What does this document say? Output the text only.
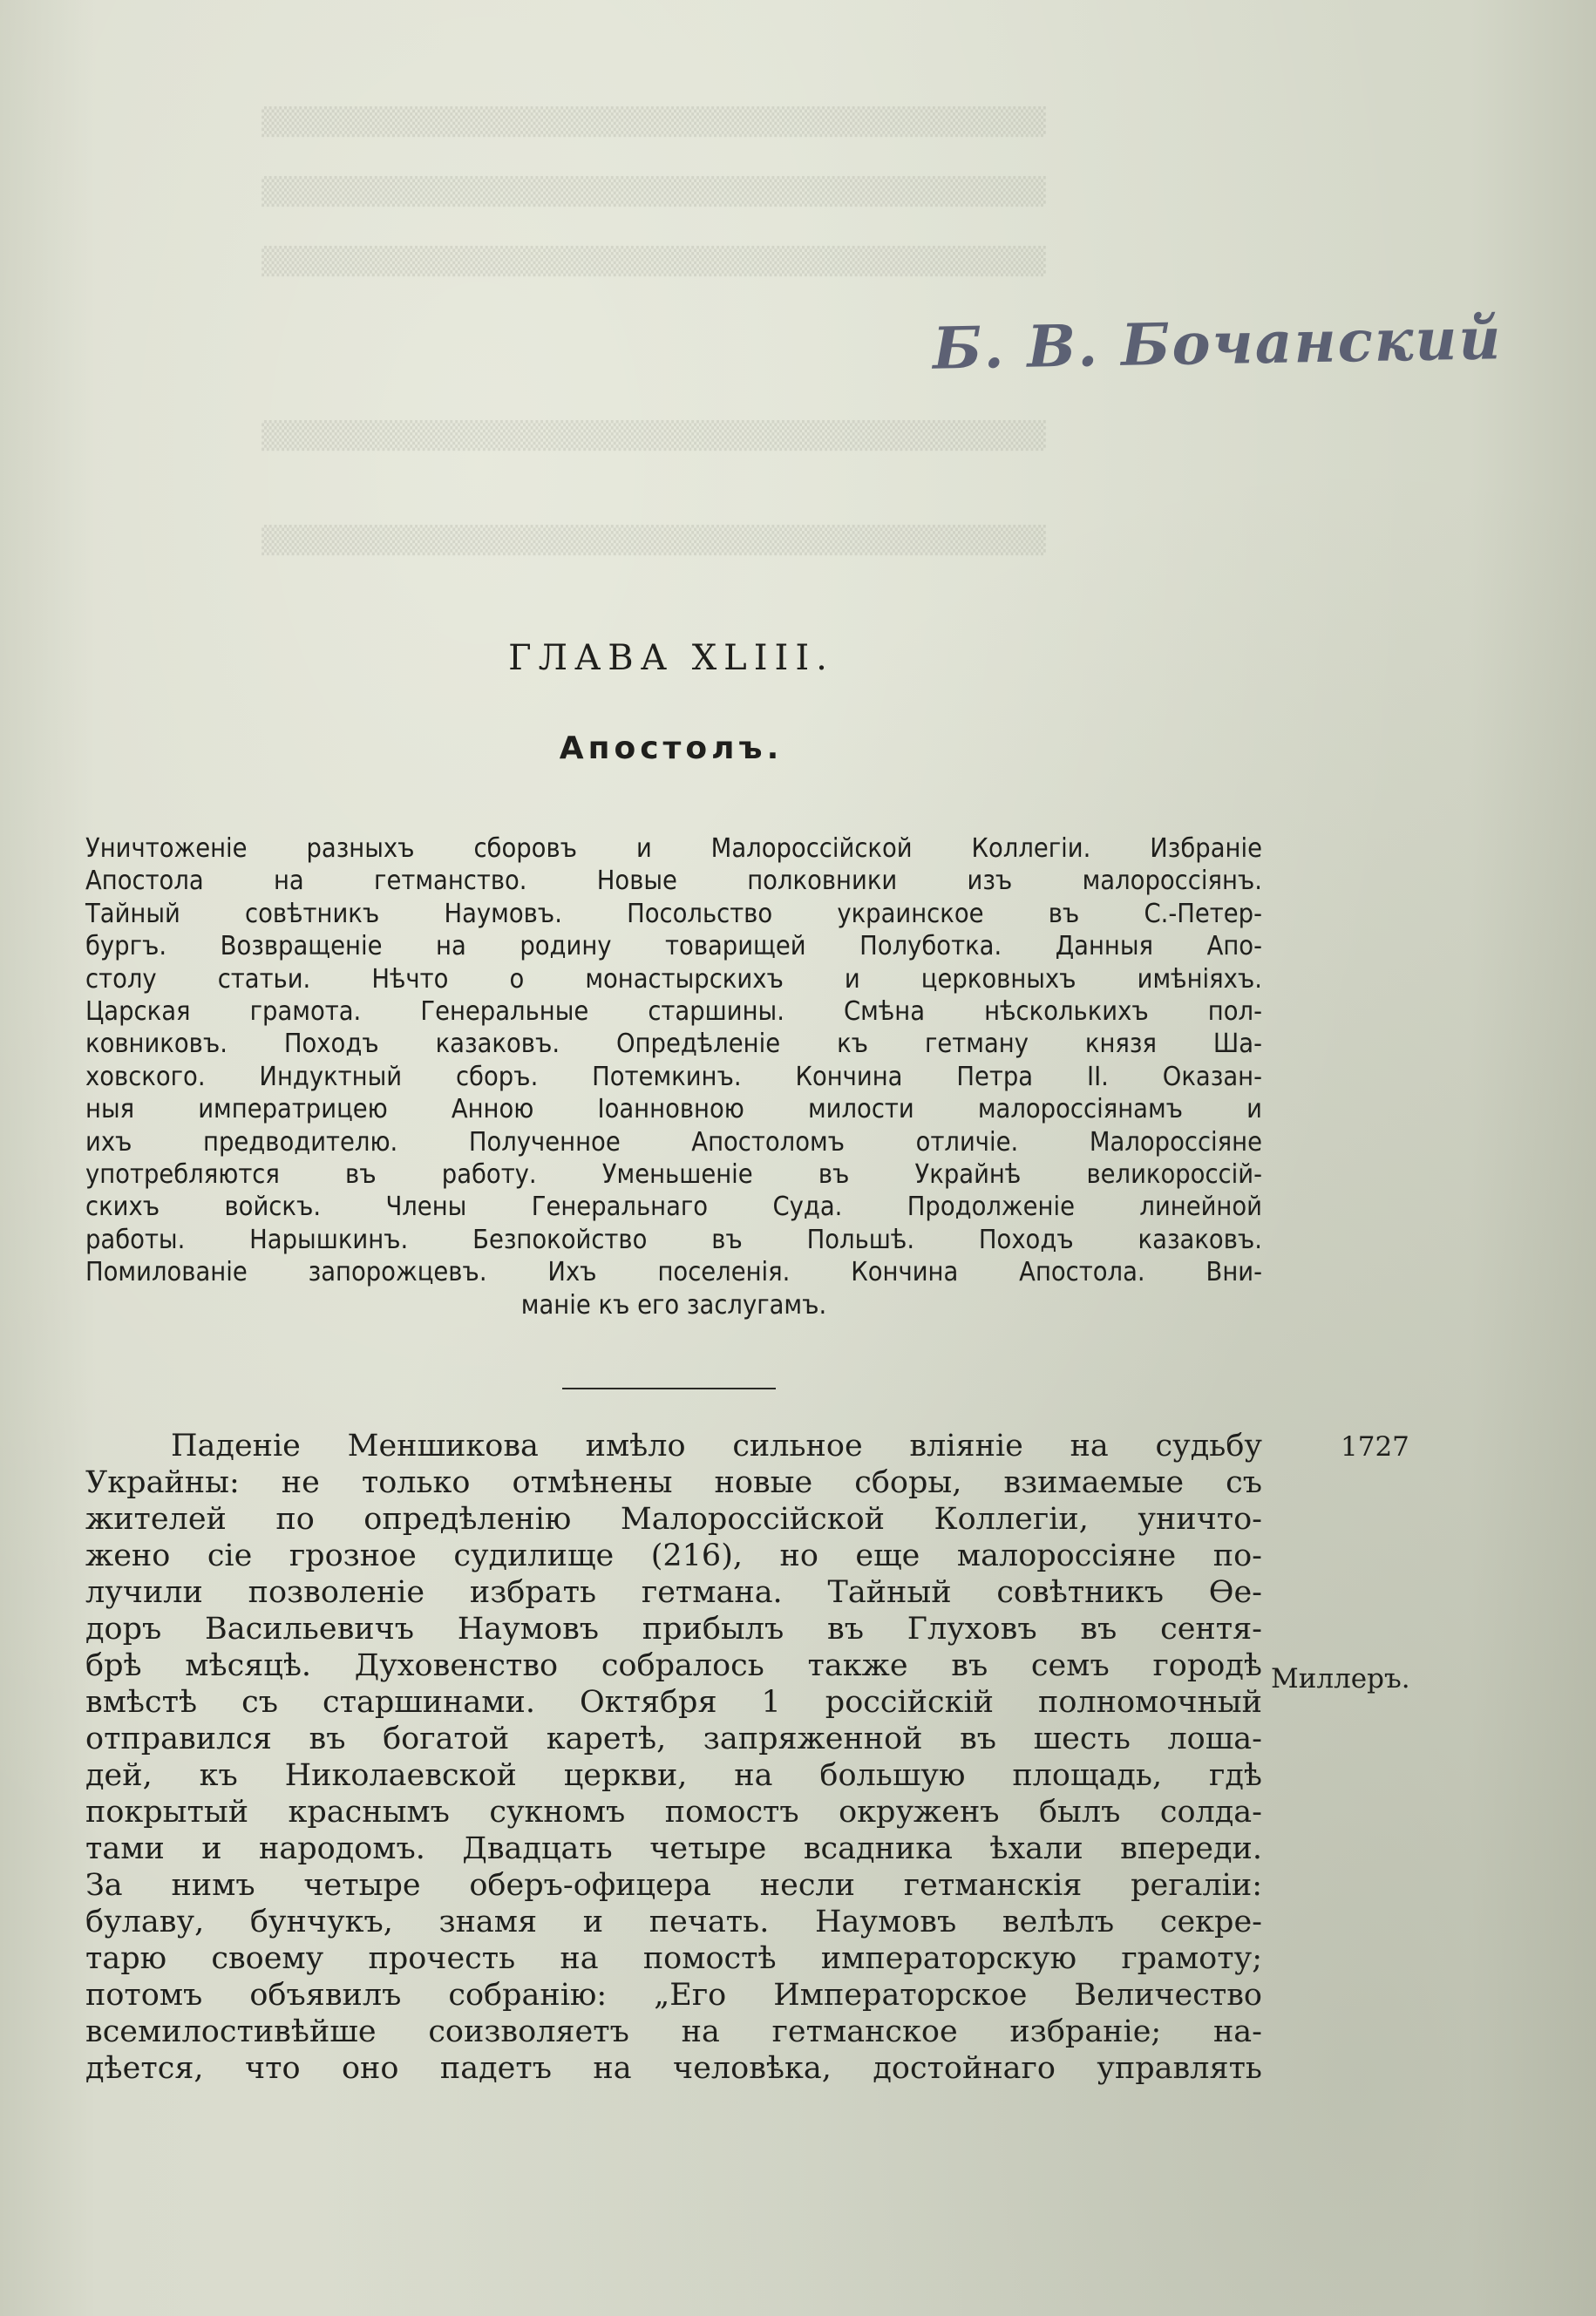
▒▒▒▒▒▒▒▒▒▒▒▒▒▒▒▒▒▒▒▒▒▒▒▒▒▒▒▒▒▒▒▒▒▒▒▒▒▒▒
▒▒▒▒▒▒▒▒▒▒▒▒▒▒▒▒▒▒▒▒▒▒▒▒▒▒▒▒▒▒▒▒▒▒▒▒▒▒▒
▒▒▒▒▒▒▒▒▒▒▒▒▒▒▒▒▒▒▒▒▒▒▒▒▒▒▒▒▒▒▒▒▒▒▒▒▒▒▒
▒▒▒▒▒▒▒▒▒▒▒▒▒▒▒▒▒▒▒▒▒▒▒▒▒▒▒▒▒▒▒▒▒▒▒▒▒▒▒
▒▒▒▒▒▒▒▒▒▒▒▒▒▒▒▒▒▒▒▒▒▒▒▒▒▒▒▒▒▒▒▒▒▒▒▒▒▒▒
Б. В. Бочанский
ГЛАВА XLIII.
Апостолъ.
Уничтоженіе разныхъ сборовъ и Малороссійской Коллегіи. Избраніе
Апостола на гетманство. Новые полковники изъ малороссіянъ.
Тайный совѣтникъ Наумовъ. Посольство украинское въ С.-Петер-
бургъ. Возвращеніе на родину товарищей Полуботка. Данныя Апо-
столу статьи. Нѣчто о монастырскихъ и церковныхъ имѣніяхъ.
Царская грамота. Генеральные старшины. Смѣна нѣсколькихъ пол-
ковниковъ. Походъ казаковъ. Опредѣленіе къ гетману князя Ша-
ховского. Индуктный сборъ. Потемкинъ. Кончина Петра II. Оказан-
ныя императрицею Анною Іоанновною милости малороссіянамъ и
ихъ предводителю. Полученное Апостоломъ отличіе. Малороссіяне
употребляются въ работу. Уменьшеніе въ Украйнѣ великороссій-
скихъ войскъ. Члены Генеральнаго Суда. Продолженіе линейной
работы. Нарышкинъ. Безпокойство въ Польшѣ. Походъ казаковъ.
Помилованіе запорожцевъ. Ихъ поселенія. Кончина Апостола. Вни-
маніе къ его заслугамъ.
Паденіе Меншикова имѣло сильное вліяніе на судьбу
Украйны: не только отмѣнены новые сборы, взимаемые съ
жителей по опредѣленію Малороссійской Коллегіи, уничто-
жено сіе грозное судилище (216), но еще малороссіяне по-
лучили позволеніе избрать гетмана. Тайный совѣтникъ Ѳе-
доръ Васильевичъ Наумовъ прибылъ въ Глуховъ въ сентя-
брѣ мѣсяцѣ. Духовенство собралось также въ семъ городѣ
вмѣстѣ съ старшинами. Октября 1 россійскій полномочный
отправился въ богатой каретѣ, запряженной въ шесть лоша-
дей, къ Николаевской церкви, на большую площадь, гдѣ
покрытый краснымъ сукномъ помостъ окруженъ былъ солда-
тами и народомъ. Двадцать четыре всадника ѣхали впереди.
За нимъ четыре оберъ-офицера несли гетманскія регаліи:
булаву, бунчукъ, знамя и печать. Наумовъ велѣлъ секре-
тарю своему прочесть на помостѣ императорскую грамоту;
потомъ объявилъ собранію: „Его Императорское Величество
всемилостивѣйше соизволяетъ на гетманское избраніе; на-
дѣется, что оно падетъ на человѣка, достойнаго управлять
1727
Миллеръ.
